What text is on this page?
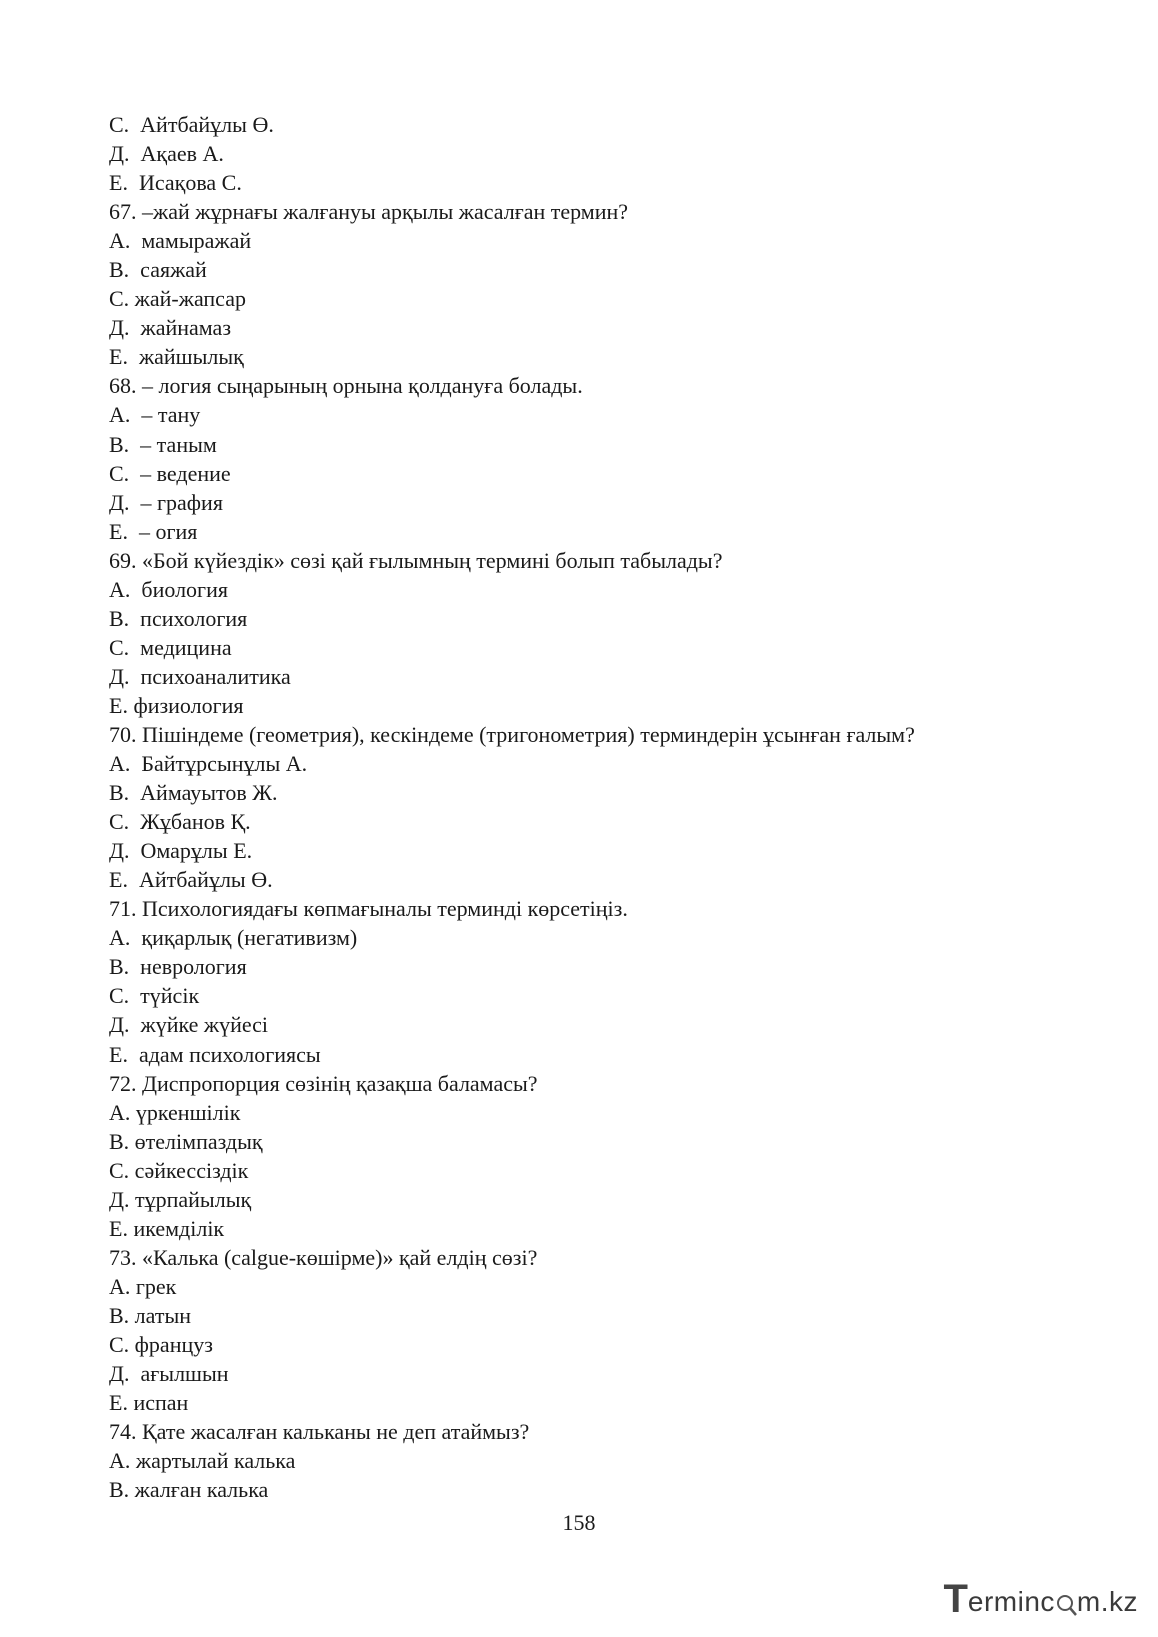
С.  Айтбайұлы Ө.
Д.  Ақаев А.
Е.  Исақова С.
67. –жай жұрнағы жалғануы арқылы жасалған термин?
А.  мамыражай
В.  саяжай
С. жай-жапсар
Д.  жайнамаз
Е.  жайшылық
68. – логия сыңарының орнына қолдануға болады.
А.  – тану
В.  – таным
С.  – ведение
Д.  – графия
Е.  – огия
69. «Бой күйездік» сөзі қай ғылымның термині болып табылады?
А.  биология
В.  психология
С.  медицина
Д.  психоаналитика
Е. физиология
70. Пішіндеме (геометрия), кескіндеме (тригонометрия) терминдерін ұсынған ғалым?
А.  Байтұрсынұлы А.
В.  Аймауытов Ж.
С.  Жұбанов Қ.
Д.  Омарұлы Е.
Е.  Айтбайұлы Ө.
71. Психологиядағы көпмағыналы терминді көрсетіңіз.
А.  қиқарлық (негативизм)
В.  неврология
С.  түйсік
Д.  жүйке жүйесі
Е.  адам психологиясы
72. Диспропорция сөзінің қазақша баламасы?
А. үркеншілік
В. өтелімпаздық
С. сәйкессіздік
Д. тұрпайылық
Е. икемділік
73. «Калька (calgue-көшірме)» қай елдің сөзі?
А. грек
В. латын
С. француз
Д.  ағылшын
Е. испан
74. Қате жасалған кальканы не деп атаймыз?
А. жартылай калька
В. жалған калька
158
T erminc m.kz
